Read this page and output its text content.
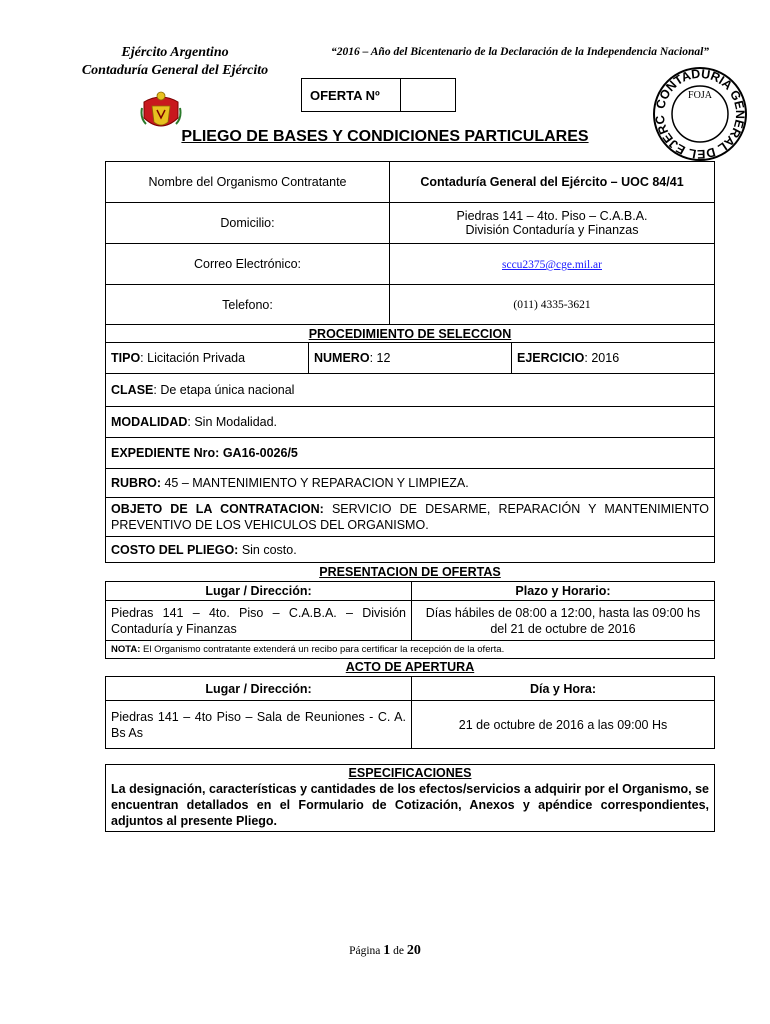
Ejército Argentino
Contaduría General del Ejército
“2016 – Año del Bicentenario de la Declaración de la Independencia Nacional”
OFERTA Nº
CONTADURIA GENERAL DEL EJERC
FOJA
PLIEGO DE BASES Y CONDICIONES PARTICULARES
Nombre del Organismo Contratante	Contaduría General del Ejército – UOC 84/41
Domicilio:	Piedras 141 – 4to. Piso – C.A.B.A.
División Contaduría y Finanzas

Correo Electrónico:	sccu2375@cge.mil.ar
Telefono:	(011) 4335-3621
PROCEDIMIENTO DE SELECCION
TIPO: Licitación Privada	NUMERO: 12	EJERCICIO: 2016
CLASE: De etapa única nacional
MODALIDAD: Sin Modalidad.
EXPEDIENTE Nro: GA16-0026/5
RUBRO: 45 – MANTENIMIENTO Y REPARACION Y LIMPIEZA.
OBJETO DE LA CONTRATACION: SERVICIO DE DESARME, REPARACIÓN Y MANTENIMIENTO PREVENTIVO DE LOS VEHICULOS DEL ORGANISMO.
COSTO DEL PLIEGO: Sin costo.
PRESENTACION DE OFERTAS
Lugar / Dirección:	Plazo y Horario:
Piedras 141 – 4to. Piso – C.A.B.A. – División Contaduría y Finanzas	Días hábiles de 08:00 a 12:00, hasta las 09:00 hs del 21 de octubre de 2016
NOTA: El Organismo contratante extenderá un recibo para certificar la recepción de la oferta.	
ACTO DE APERTURA
Lugar / Dirección:	Día y Hora:
Piedras 141 – 4to Piso – Sala de Reuniones - C. A. Bs As	21 de octubre de 2016 a las 09:00 Hs
ESPECIFICACIONES
La designación, características y cantidades de los efectos/servicios a adquirir por el Organismo, se encuentran detallados en el Formulario de Cotización, Anexos y apéndice correspondientes, adjuntos al presente Pliego.
Página 1 de 20
